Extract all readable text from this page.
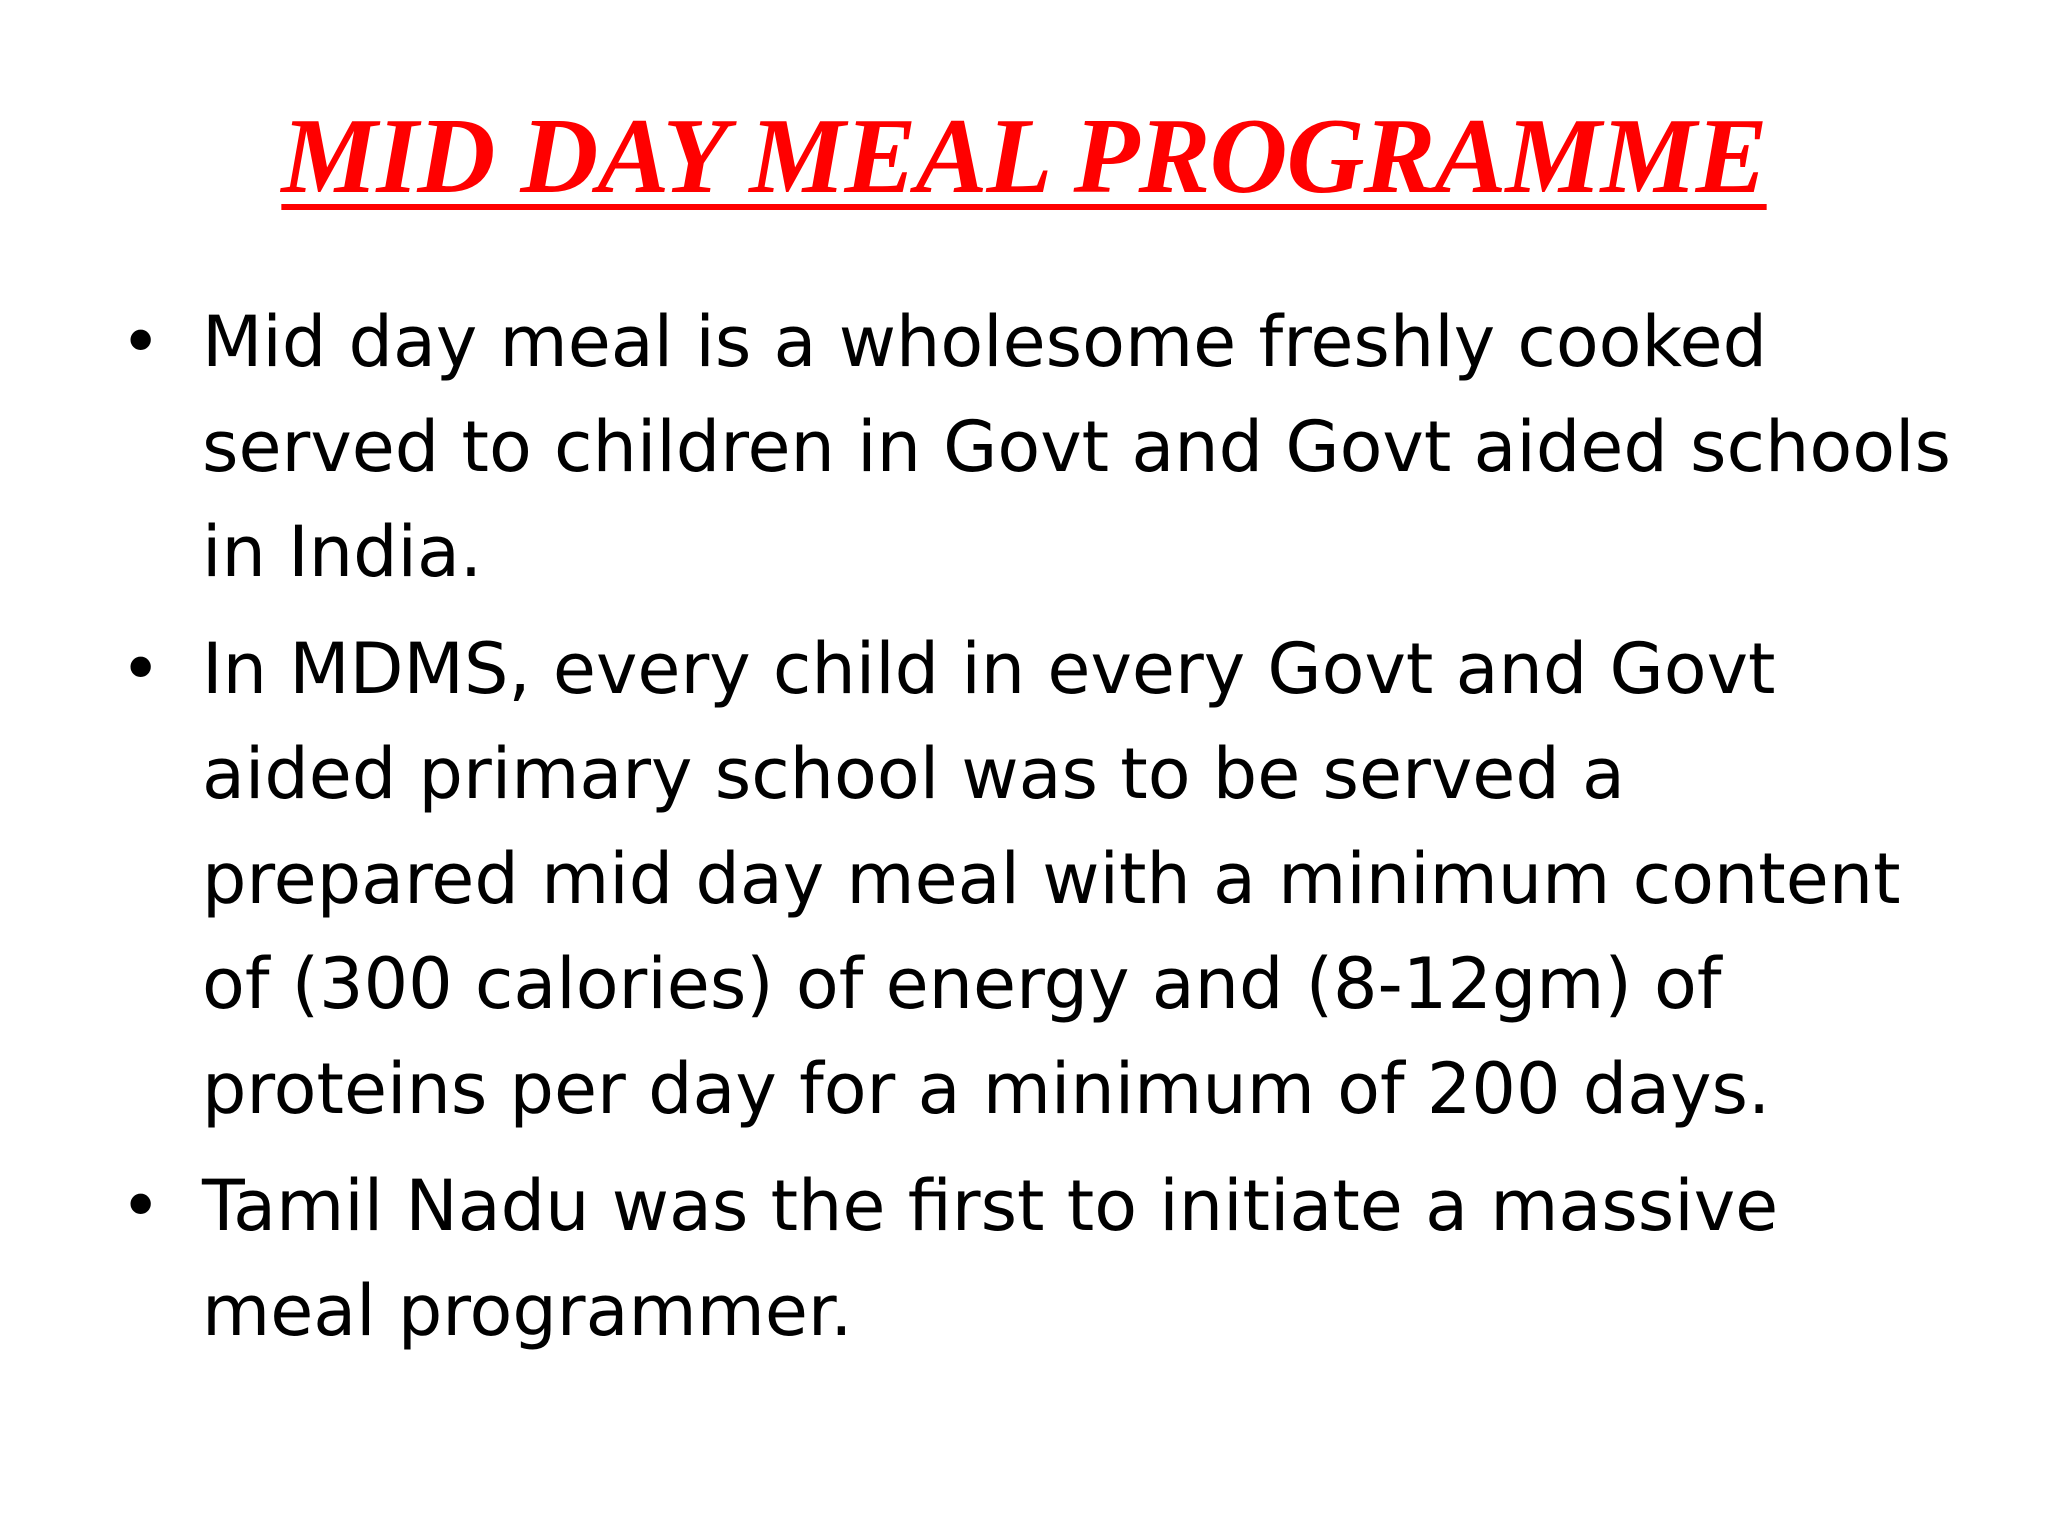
MID DAY MEAL PROGRAMME
• Mid day meal is a wholesome freshly cooked served to children in Govt and Govt aided schools in India.
• In MDMS, every child in every Govt and Govt aided primary school was to be served a prepared mid day meal with a minimum content of (300 calories) of energy and (8-12gm) of proteins per day for a minimum of 200 days.
• Tamil Nadu was the first to initiate a massive meal programmer.
